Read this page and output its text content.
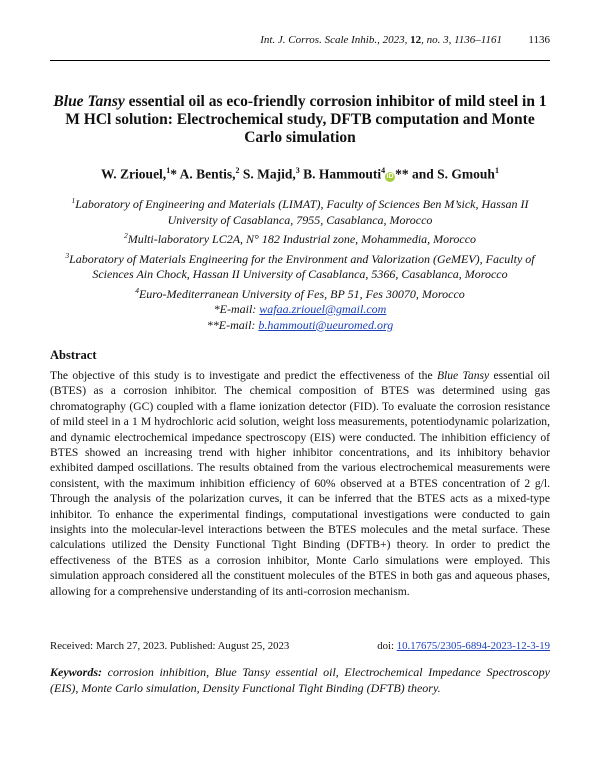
Int. J. Corros. Scale Inhib., 2023, 12, no. 3, 1136–1161 1136
Blue Tansy essential oil as eco-friendly corrosion inhibitor of mild steel in 1 M HCl solution: Electrochemical study, DFTB computation and Monte Carlo simulation
W. Zriouel,$^1$* A. Bentis,$^2$ S. Majid,$^3$ B. Hammouti$^4$iD ** and S. Gmouh$^1$
$^1$Laboratory of Engineering and Materials (LIMAT), Faculty of Sciences Ben M’sick, Hassan II University of Casablanca, 7955, Casablanca, Morocco
$^2$Multi-laboratory LC2A, N° 182 Industrial zone, Mohammedia, Morocco
$^3$Laboratory of Materials Engineering for the Environment and Valorization (GeMEV), Faculty of Sciences Ain Chock, Hassan II University of Casablanca, 5366, Casablanca, Morocco
$^4$Euro-Mediterranean University of Fes, BP 51, Fes 30070, Morocco
*E-mail: wafaa.zriouel@gmail.com
**E-mail: b.hammouti@ueuromed.org
Abstract
The objective of this study is to investigate and predict the effectiveness of the Blue Tansy essential oil (BTES) as a corrosion inhibitor. The chemical composition of BTES was determined using gas chromatography (GC) coupled with a flame ionization detector (FID). To evaluate the corrosion resistance of mild steel in a 1 M hydrochloric acid solution, weight loss measurements, potentiodynamic polarization, and dynamic electrochemical impedance spectroscopy (EIS) were conducted. The inhibition efficiency of BTES showed an increasing trend with higher inhibitor concentrations, and its inhibitory behavior exhibited damped oscillations. The results obtained from the various electrochemical measurements were consistent, with the maximum inhibition efficiency of 60% observed at a BTES concentration of 2 g/l. Through the analysis of the polarization curves, it can be inferred that the BTES acts as a mixed-type inhibitor. To enhance the experimental findings, computational investigations were conducted to gain insights into the molecular-level interactions between the BTES molecules and the metal surface. These calculations utilized the Density Functional Tight Binding (DFTB+) theory. In order to predict the effectiveness of the BTES as a corrosion inhibitor, Monte Carlo simulations were employed. This simulation approach considered all the constituent molecules of the BTES in both gas and aqueous phases, allowing for a comprehensive understanding of its anti-corrosion mechanism.
Received: March 27, 2023. Published: August 25, 2023	doi: 10.17675/2305-6894-2023-12-3-19
Keywords: corrosion inhibition, Blue Tansy essential oil, Electrochemical Impedance Spectroscopy (EIS), Monte Carlo simulation, Density Functional Tight Binding (DFTB) theory.
